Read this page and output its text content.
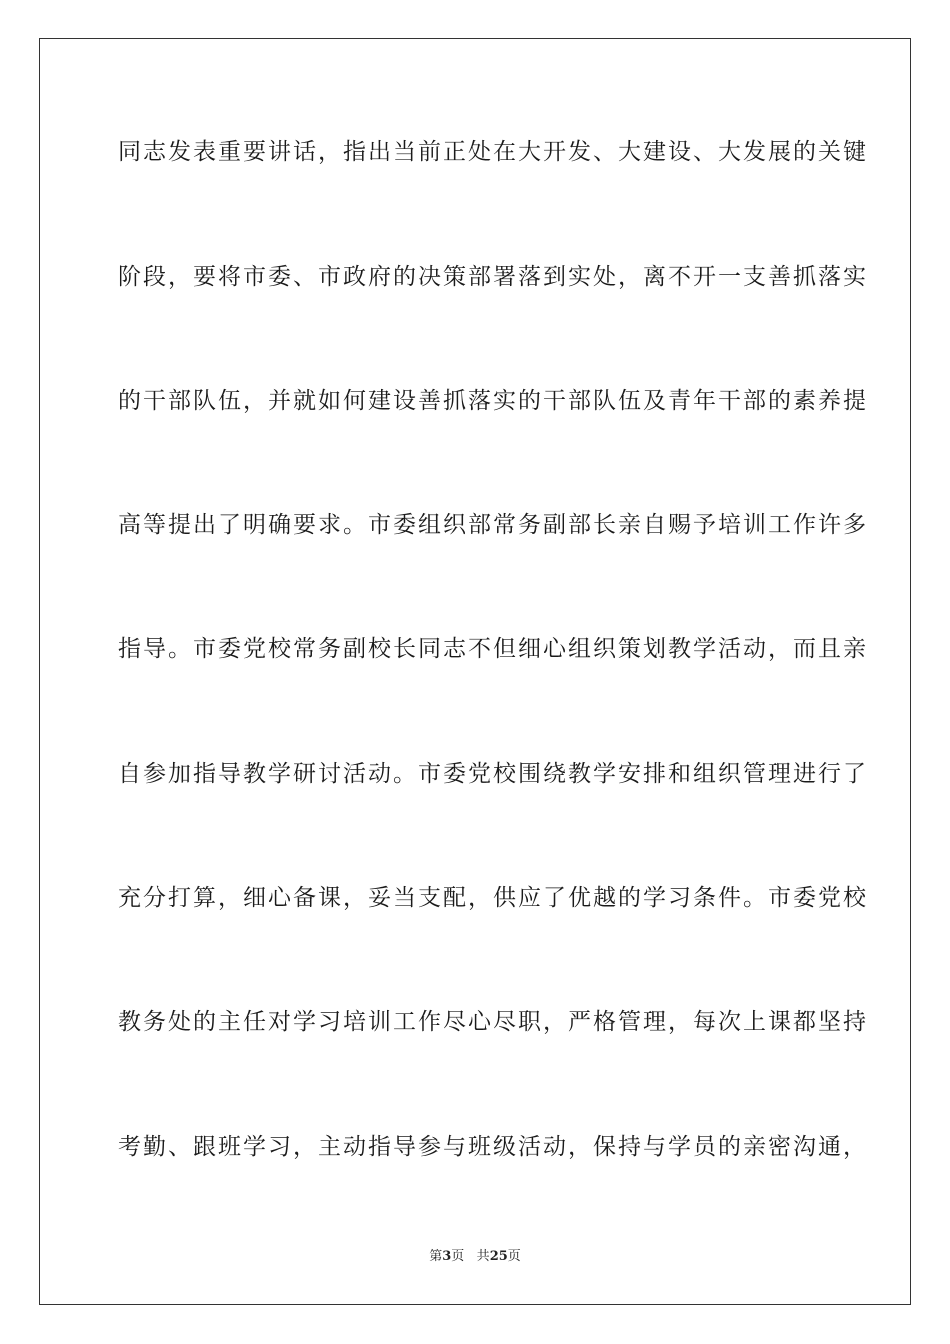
同志发表重要讲话，指出当前正处在大开发、大建设、大发展的关键
阶段，要将市委、市政府的决策部署落到实处，离不开一支善抓落实
的干部队伍，并就如何建设善抓落实的干部队伍及青年干部的素养提
高等提出了明确要求。市委组织部常务副部长亲自赐予培训工作许多
指导。市委党校常务副校长同志不但细心组织策划教学活动，而且亲
自参加指导教学研讨活动。市委党校围绕教学安排和组织管理进行了
充分打算，细心备课，妥当支配，供应了优越的学习条件。市委党校
教务处的主任对学习培训工作尽心尽职，严格管理，每次上课都坚持
考勤、跟班学习，主动指导参与班级活动，保持与学员的亲密沟通，
第3页 共25页
